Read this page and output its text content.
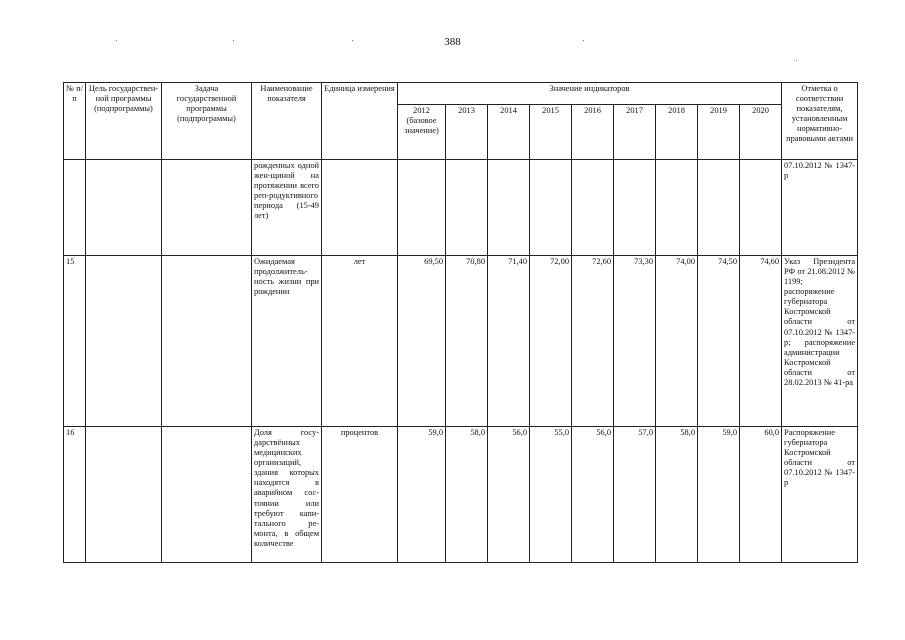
388
№ п/п	Цель государствен-ной программы (подпрограммы)	Задача государственной программы (подпрограммы)	Наименование показателя	Единица измерения	Значение индикаторов									Отметка о соответствии показателям, установленным нормативно-правовыми актами
					2012 (базовое значение)	2013	2014	2015	2016	2017	2018	2019	2020	
			рожденных одной жен-щиной на протяжении всего реп-родуктивного периода (15-49 лет)											07.10.2012 № 1347-р
15			Ожидаемая продолжитель-ность жизни при рождении	лет	69,50	70,80	71,40	72,00	72,60	73,30	74,00	74,50	74,60	Указ Президента РФ от 21.08.2012 № 1199; распоряжение губернатора Костромской области от 07.10.2012 № 1347-р; распоряжение администрации Костромской области от 28.02.2013 № 41-ра
16			Доля госу-дарствённых медицинских организаций, здания которых находятся в аварийном сос-тоянии или требуют капи-тального ре-монта, в общем количестве	процентов	59,0	58,0	56,0	55,0	56,0	57,0	58,0	59,0	60,0	Распоряжение губернатора Костромской области от 07.10.2012 № 1347-р
